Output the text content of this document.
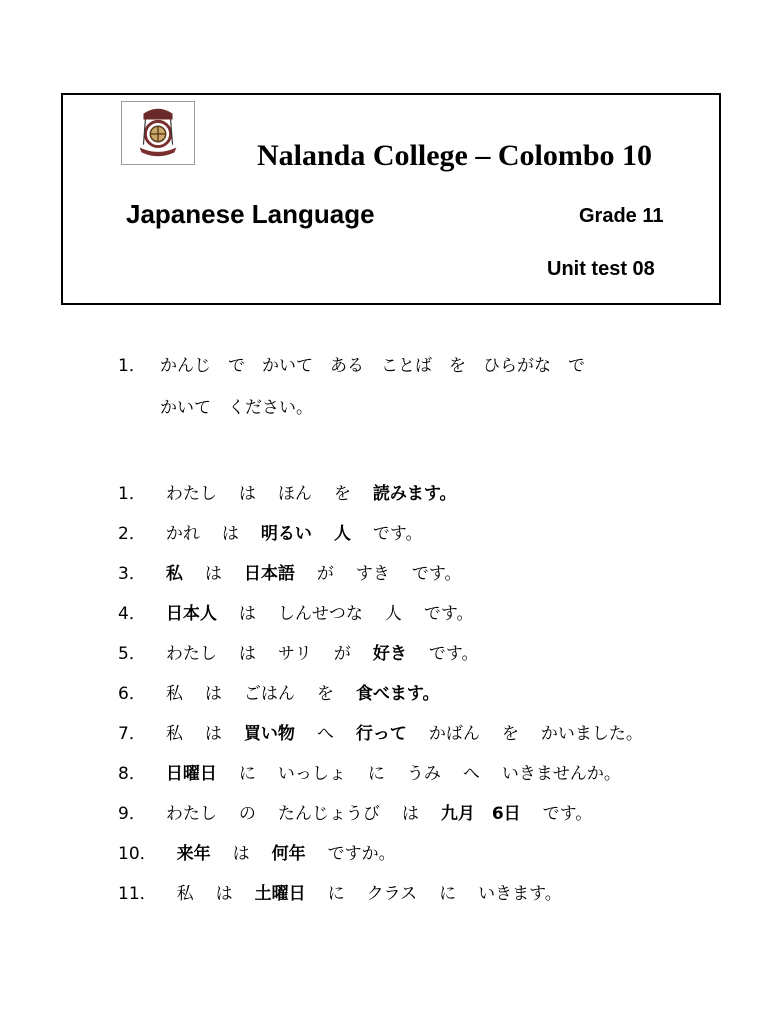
Nalanda College – Colombo 10
Japanese Language	Grade 11
Unit test 08
1． かんじ　で　かいて　ある　ことば　を　ひらがな　で
かいて　ください。
1． わたし は ほん を 読みます。
2． かれ は 明るい 人 です。
3． 私 は 日本語 が すき です。
4． 日本人 は しんせつな 人 です。
5． わたし は サリ が 好き です。
6． 私 は ごはん を 食べます。
7． 私 は 買い物 へ 行って かばん を かいました。
8． 日曜日 に いっしょ に うみ へ いきませんか。
9． わたし の たんじょうび は 九月　6日 です。
10． 来年 は 何年 ですか。
11． 私 は 土曜日 に クラス に いきます。
